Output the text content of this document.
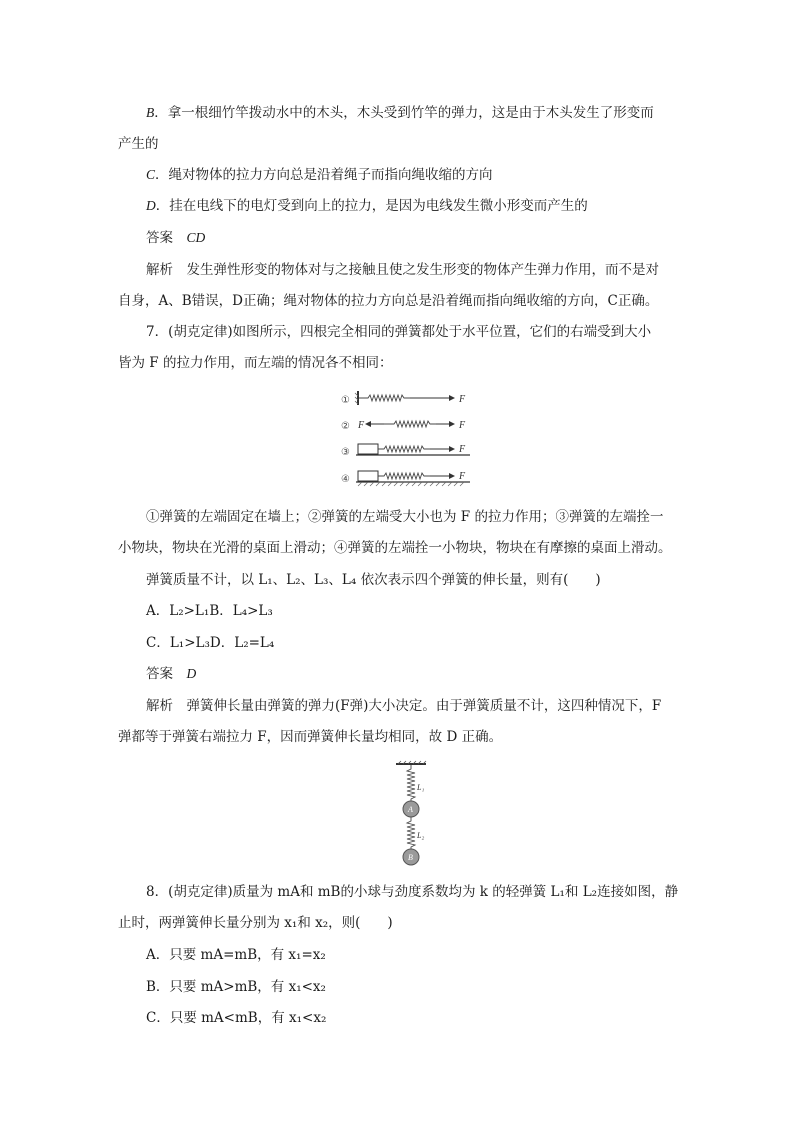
B．拿一根细竹竿拨动水中的木头，木头受到竹竿的弹力，这是由于木头发生了形变而
产生的
C．绳对物体的拉力方向总是沿着绳子而指向绳收缩的方向
D．挂在电线下的电灯受到向上的拉力，是因为电线发生微小形变而产生的
答案　 CD
解析　 发生弹性形变的物体对与之接触且使之发生形变的物体产生弹力作用，而不是对
自身，A、B错误，D正确；绳对物体的拉力方向总是沿着绳而指向绳收缩的方向，C正确。
7．(胡克定律)如图所示，四根完全相同的弹簧都处于水平位置，它们的右端受到大小
皆为 F 的拉力作用，而左端的情况各不相同：
①	F
② F	F
③	F
④	F
①弹簧的左端固定在墙上；②弹簧的左端受大小也为 F 的拉力作用；③弹簧的左端拴一
小物块，物块在光滑的桌面上滑动；④弹簧的左端拴一小物块，物块在有摩擦的桌面上滑动。
弹簧质量不计，以 L₁、L₂、L₃、L₄ 依次表示四个弹簧的伸长量，则有(　　)
A．L₂>L₁B．L₄>L₃
C．L₁>L₃D．L₂=L₄
答案　 D
解析　 弹簧伸长量由弹簧的弹力(F弹)大小决定。由于弹簧质量不计，这四种情况下，F
弹都等于弹簧右端拉力 F，因而弹簧伸长量均相同，故 D 正确。
L₁
A
L₂
B
8．(胡克定律)质量为 mA和 mB的小球与劲度系数均为 k 的轻弹簧 L₁和 L₂连接如图，静
止时，两弹簧伸长量分别为 x₁和 x₂，则(　　)
A．只要 mA=mB，有 x₁=x₂
B．只要 mA>mB，有 x₁<x₂
C．只要 mA<mB，有 x₁<x₂
